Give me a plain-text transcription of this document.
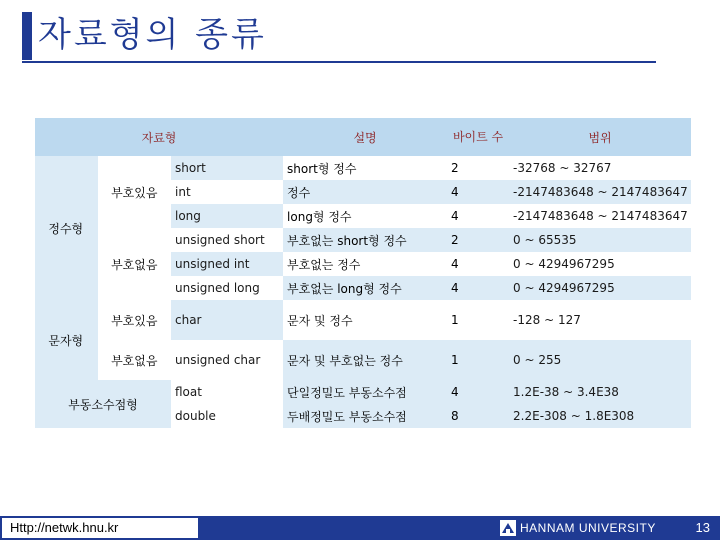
자료형의 종류
자료형			설명	바이트 수	범위
정수형	부호있음	short	short형 정수	2	-32768 ~ 32767
		int	정수	4	-2147483648 ~ 2147483647
		long	long형 정수	4	-2147483648 ~ 2147483647
	부호없음	unsigned short	부호없는 short형 정수	2	0 ~ 65535
		unsigned int	부호없는 정수	4	0 ~ 4294967295
		unsigned long	부호없는 long형 정수	4	0 ~ 4294967295
문자형	부호있음	char	문자 및 정수	1	-128 ~ 127
	부호없음	unsigned char	문자 및 부호없는 정수	1	0 ~ 255
부동소수점형		float	단일정밀도 부동소수점	4	1.2E-38 ~ 3.4E38
		double	두배정밀도 부동소수점	8	2.2E-308 ~ 1.8E308
Http://netwk.hnu.kr	HANNAM UNIVERSITY	13
